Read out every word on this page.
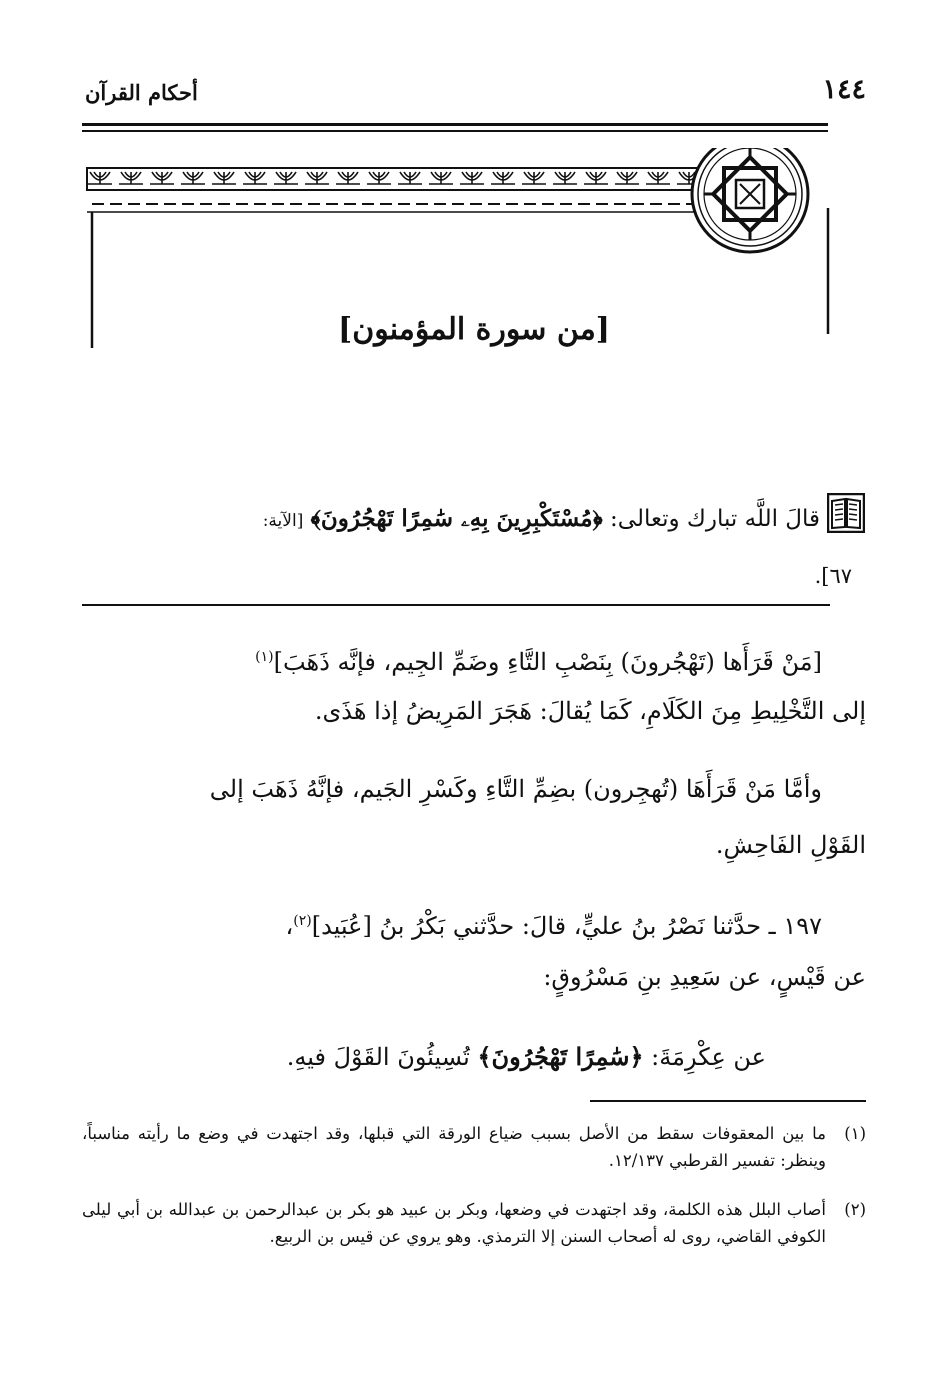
١٤٤
أحكام القرآن
[من سورة المؤمنون]
قالَ اللَّه تبارك وتعالى: ﴿مُسْتَكْبِرِينَ بِهِۦ سَٰمِرًا تَهْجُرُونَ﴾ [الآية:
٦٧].
[مَنْ قَرَأَها (تَهْجُرونَ) بِنَصْبِ التَّاءِ وضَمِّ الجِيم، فإنَّه ذَهَبَ]$^{(١)}$
إلى التَّخْلِيطِ مِنَ الكَلَامِ، كَمَا يُقالَ: هَجَرَ المَرِيضُ إذا هَذَى.
وأمَّا مَنْ قَرَأَهَا (تُهجِرون) بضِمِّ التَّاءِ وكَسْرِ الجَيم، فإنَّهُ ذَهَبَ إلى
القَوْلِ الفَاحِشِ.
١٩٧ ـ حدَّثنا نَصْرُ بنُ عليٍّ، قالَ: حدَّثني بَكْرُ بنُ [عُبَيد]$^{(٢)}$،
عن قَيْسٍ، عن سَعِيدِ بنِ مَسْرُوقٍ:
عن عِكْرِمَةَ: ﴿سَٰمِرًا تَهْجُرُونَ﴾ تُسِيئُونَ القَوْلَ فيهِ.
(١)
ما بين المعقوفات سقط من الأصل بسبب ضياع الورقة التي قبلها، وقد اجتهدت في وضع ما رأيته مناسباً، وينظر: تفسير القرطبي ١٢/١٣٧.
(٢)
أصاب البلل هذه الكلمة، وقد اجتهدت في وضعها، وبكر بن عبيد هو بكر بن عبدالرحمن بن عبدالله بن أبي ليلى الكوفي القاضي، روى له أصحاب السنن إلا الترمذي. وهو يروي عن قيس بن الربيع.
